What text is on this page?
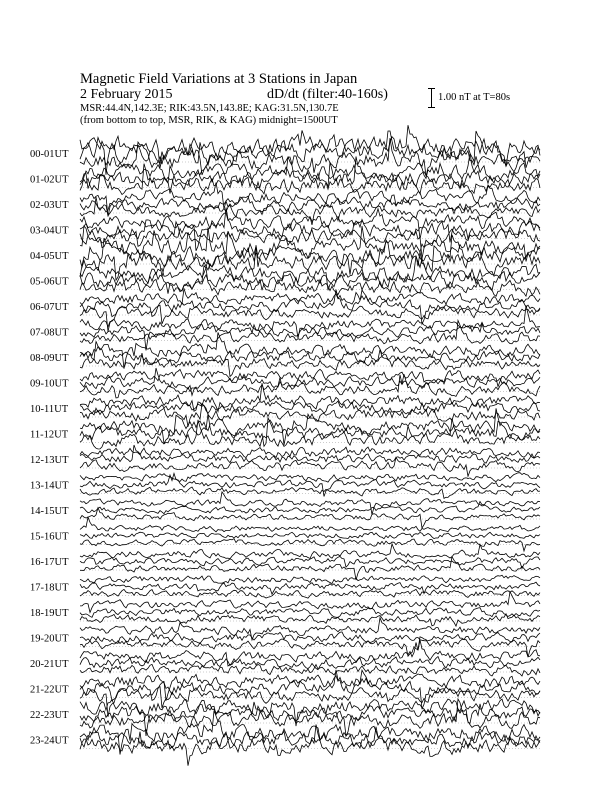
Magnetic Field Variations at 3 Stations in Japan
2 February 2015	dD/dt (filter:40-160s)
MSR:44.4N,142.3E; RIK:43.5N,143.8E; KAG:31.5N,130.7E
(from bottom to top, MSR, RIK, & KAG) midnight=1500UT
1.00 nT at T=80s
00-01UT
01-02UT
02-03UT
03-04UT
04-05UT
05-06UT
06-07UT
07-08UT
08-09UT
09-10UT
10-11UT
11-12UT
12-13UT
13-14UT
14-15UT
15-16UT
16-17UT
17-18UT
18-19UT
19-20UT
20-21UT
21-22UT
22-23UT
23-24UT
